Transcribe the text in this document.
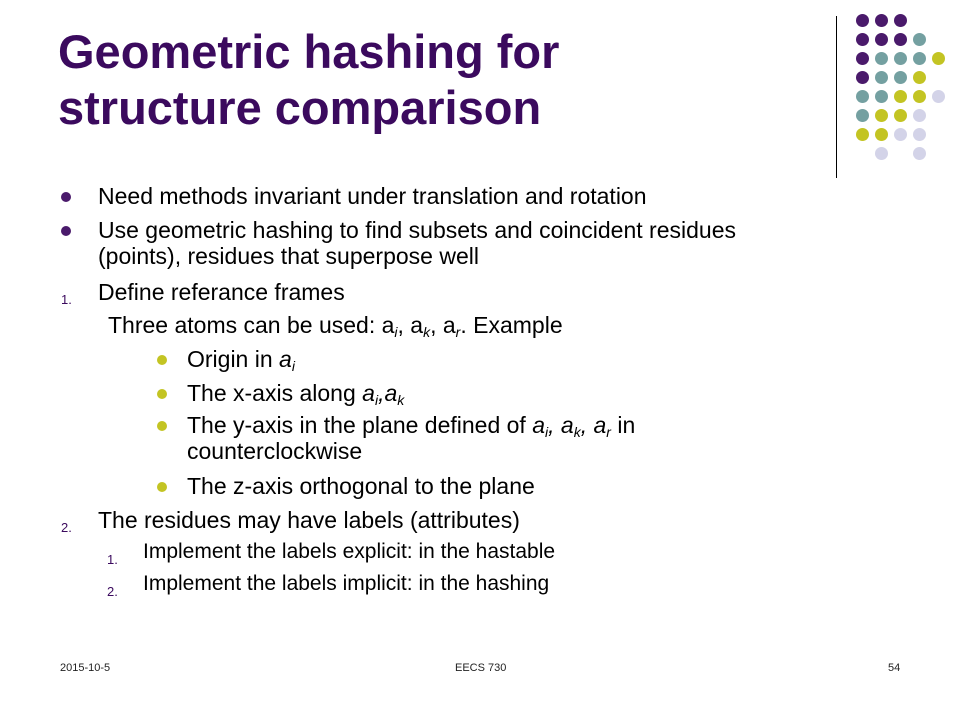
Geometric hashing for
structure comparison
Need methods invariant under translation and rotation
Use geometric hashing to find subsets and coincident residues
(points), residues that superpose well
1. Define referance frames
Three atoms can be used: $a_i$, $a_k$, $a_r$. Example
Origin in $a_i$
The x-axis along $a_i,a_k$
The y-axis in the plane defined of $a_i$, $a_k$, $a_r$ in
counterclockwise
The z-axis orthogonal to the plane
2. The residues may have labels (attributes)
1. Implement the labels explicit: in the hastable
2. Implement the labels implicit: in the hashing
2015-10-5	EECS 730	54
